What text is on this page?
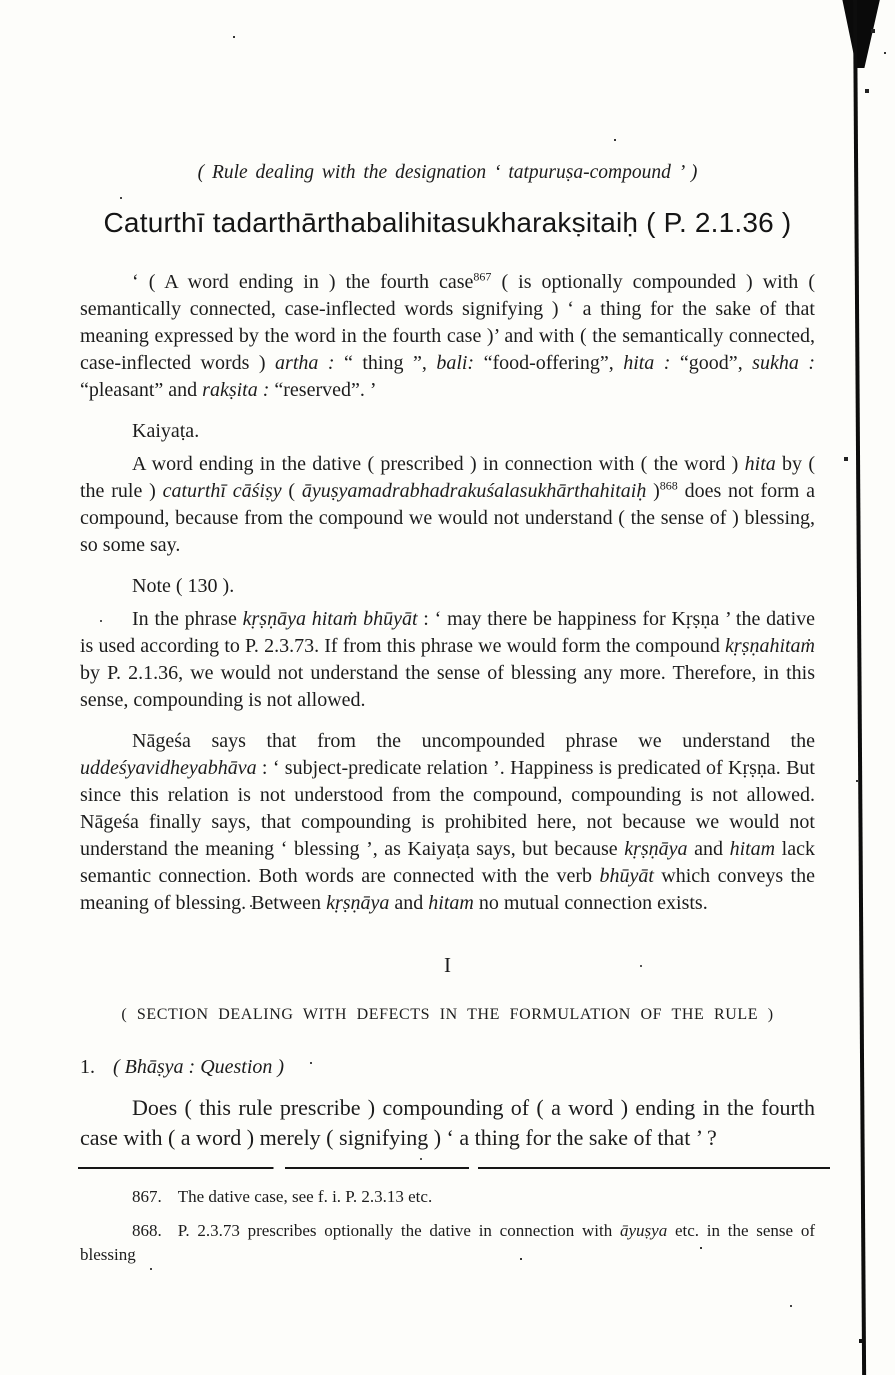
( Rule dealing with the designation ‘ tatpuruṣa-compound ’ )

Caturthī tadarthārthabalihitasukharakṣitaiḥ ( P. 2.1.36 )

‘ ( A word ending in ) the fourth case$^{867}$ ( is optionally compounded ) with ( semantically connected, case-inflected words signifying ) ‘ a thing for the sake of that meaning expressed by the word in the fourth case )’ and with ( the semantically connected, case-inflected words ) artha : “ thing ”, bali: “food-offering”, hita : “good”, sukha : “pleasant” and rakṣita : “reserved”. ’

Kaiyaṭa.

A word ending in the dative ( prescribed ) in connection with ( the word ) hita by ( the rule ) caturthī cāśiṣy ( āyuṣyamadrabhadrakuśalasukhārthahitaiḥ )$^{868}$ does not form a compound, because from the compound we would not understand ( the sense of ) blessing, so some say.

Note ( 130 ).

In the phrase kṛṣṇāya hitaṁ bhūyāt : ‘ may there be happiness for Kṛṣṇa ’ the dative is used according to P. 2.3.73. If from this phrase we would form the compound kṛṣṇahitaṁ by P. 2.1.36, we would not understand the sense of blessing any more. Therefore, in this sense, compounding is not allowed.

Nāgeśa says that from the uncompounded phrase we understand the uddeśyavidheyabhāva : ‘ subject-predicate relation ’. Happiness is predicated of Kṛṣṇa. But since this relation is not understood from the compound, compounding is not allowed. Nāgeśa finally says, that compounding is prohibited here, not because we would not understand the meaning ‘ blessing ’, as Kaiyaṭa says, but because kṛṣṇāya and hitam lack semantic connection. Both words are connected with the verb bhūyāt which conveys the meaning of blessing. Between kṛṣṇāya and hitam no mutual connection exists.

I
( SECTION DEALING WITH DEFECTS IN THE FORMULATION OF THE RULE )

1. ( Bhāṣya : Question )

Does ( this rule prescribe ) compounding of ( a word ) ending in the fourth case with ( a word ) merely ( signifying ) ‘ a thing for the sake of that ’ ?

867. The dative case, see f. i. P. 2.3.13 etc.

868. P. 2.3.73 prescribes optionally the dative in connection with āyuṣya etc. in the sense of blessing
